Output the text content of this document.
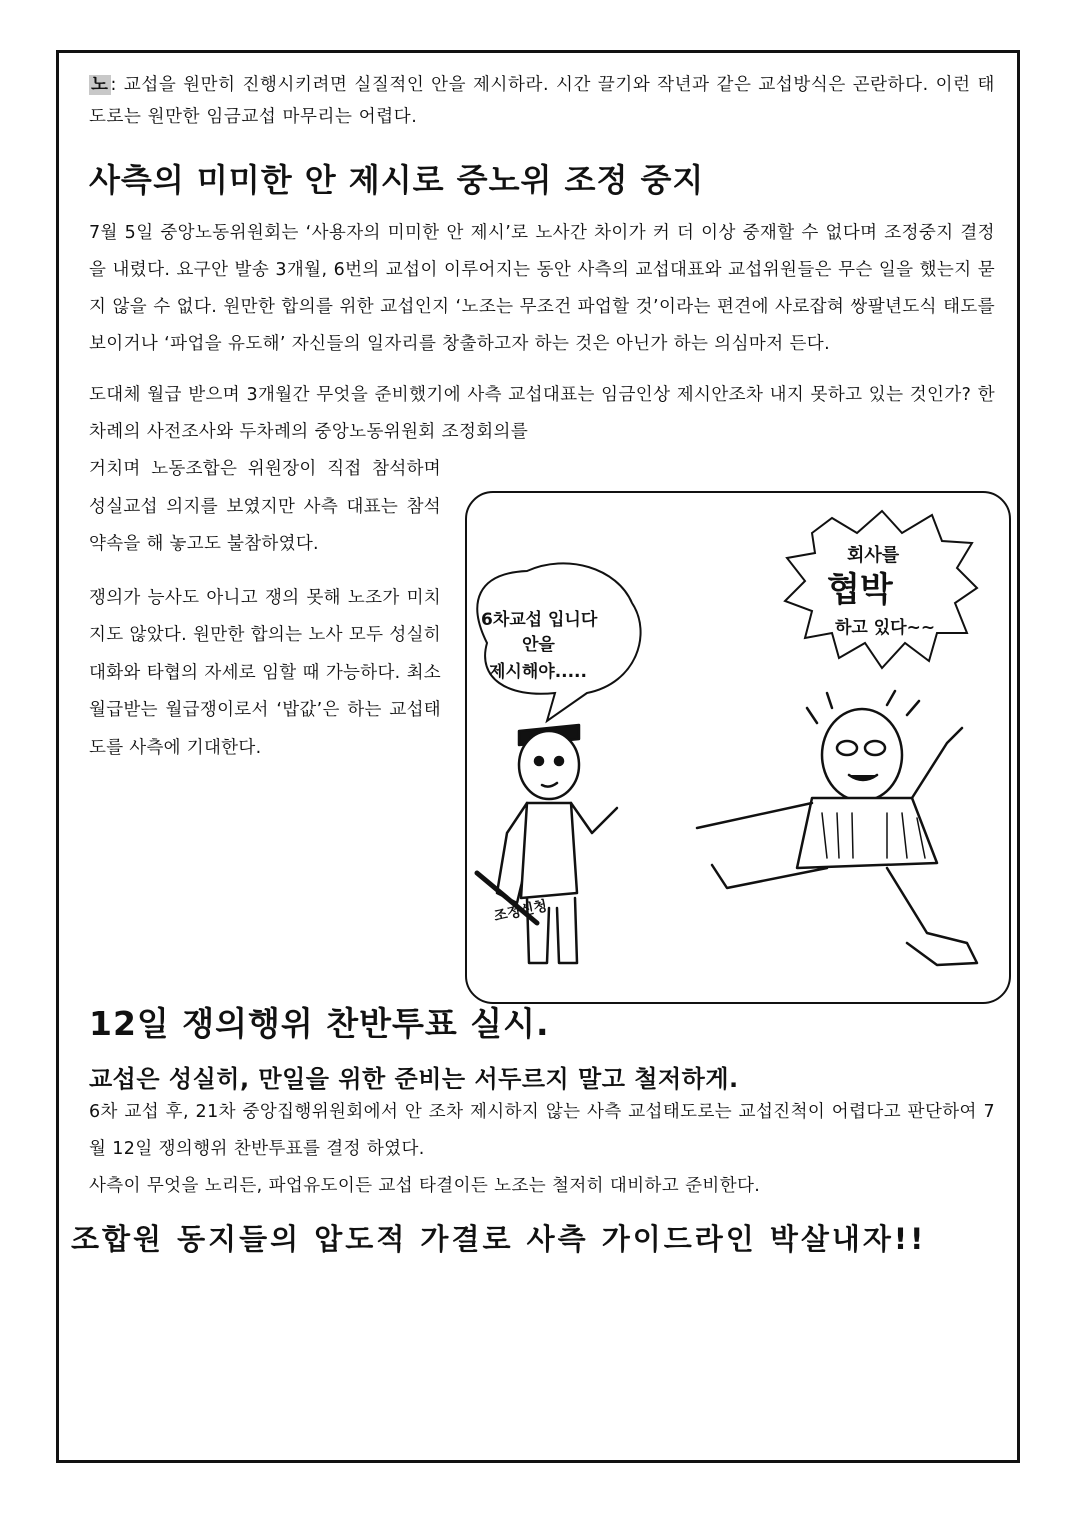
노 : 교섭을 원만히 진행시키려면 실질적인 안을 제시하라. 시간 끌기와 작년과 같은 교섭방식은 곤란하다. 이런 태도로는 원만한 임금교섭 마무리는 어렵다.

사측의 미미한 안 제시로 중노위 조정 중지

7월 5일 중앙노동위원회는 ‘사용자의 미미한 안 제시’로 노사간 차이가 커 더 이상 중재할 수 없다며 조정중지 결정을 내렸다. 요구안 발송 3개월, 6번의 교섭이 이루어지는 동안 사측의 교섭대표와 교섭위원들은 무슨 일을 했는지 묻지 않을 수 없다. 원만한 합의를 위한 교섭인지 ‘노조는 무조건 파업할 것’이라는 편견에 사로잡혀 쌍팔년도식 태도를 보이거나 ‘파업을 유도해’ 자신들의 일자리를 창출하고자 하는 것은 아닌가 하는 의심마저 든다.

도대체 월급 받으며 3개월간 무엇을 준비했기에 사측 교섭대표는 임금인상 제시안조차 내지 못하고 있는 것인가? 한 차례의 사전조사와 두차례의 중앙노동위원회 조정회의를

거치며 노동조합은 위원장이 직접 참석하며 성실교섭 의지를 보였지만 사측 대표는 참석약속을 해 놓고도 불참하였다.

쟁의가 능사도 아니고 쟁의 못해 노조가 미치지도 않았다. 원만한 합의는 노사 모두 성실히 대화와 타협의 자세로 임할 때 가능하다. 최소 월급받는 월급쟁이로서 ‘밥값’은 하는 교섭태도를 사측에 기대한다.

6차교섭 입니다
안을
제시해야.....
회사를
협박
하고 있다~~
조정신청
12일 쟁의행위 찬반투표 실시.
교섭은 성실히, 만일을 위한 준비는 서두르지 말고 철저하게.

6차 교섭 후, 21차 중앙집행위원회에서 안 조차 제시하지 않는 사측 교섭태도로는 교섭진척이 어렵다고 판단하여 7월 12일 쟁의행위 찬반투표를 결정 하였다.

사측이 무엇을 노리든, 파업유도이든 교섭 타결이든 노조는 철저히 대비하고 준비한다.

조합원 동지들의 압도적 가결로 사측 가이드라인 박살내자!!
